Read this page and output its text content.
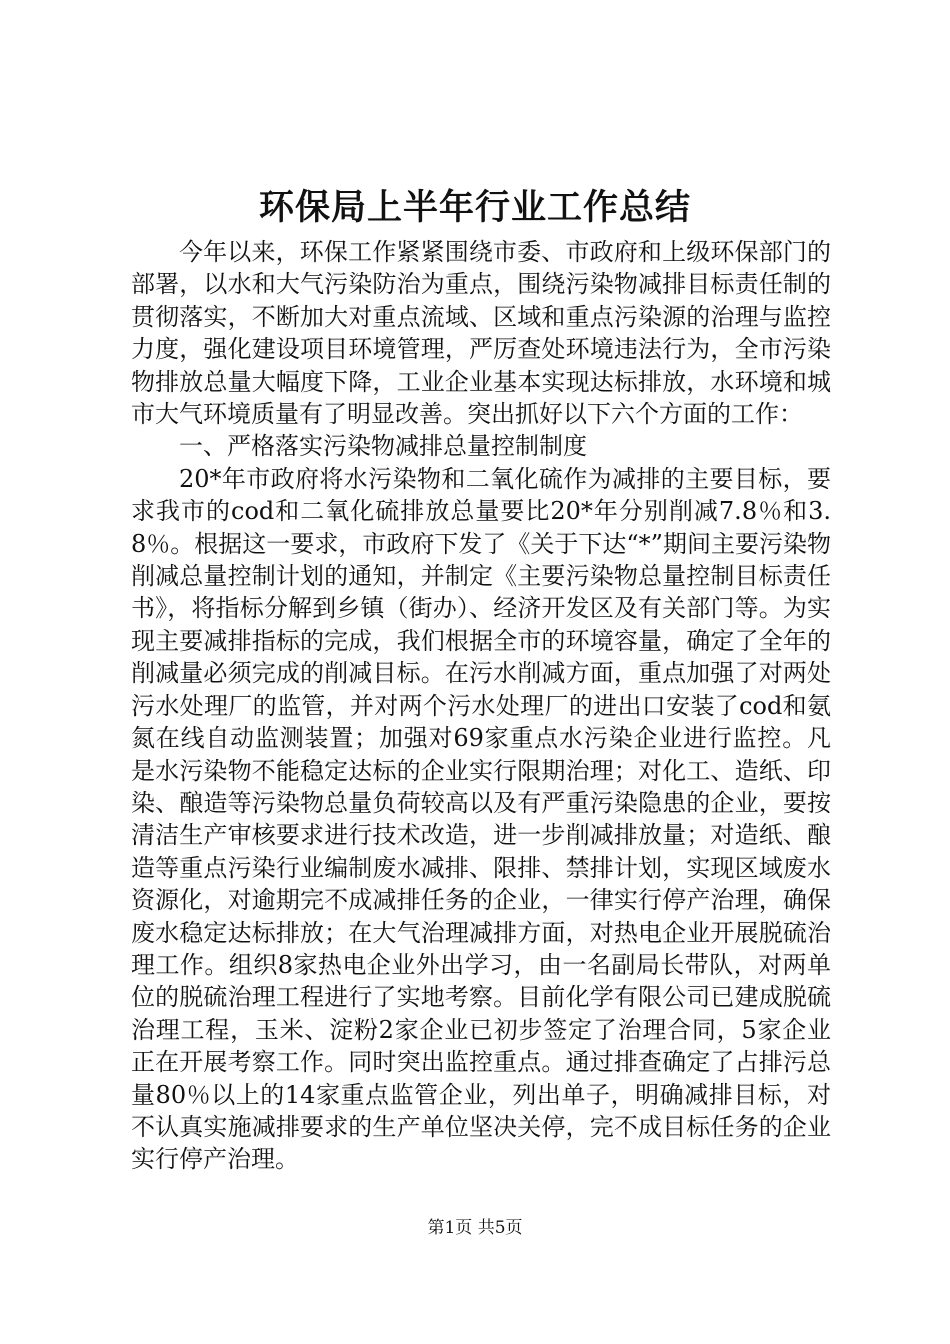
环保局上半年行业工作总结

今年以来，环保工作紧紧围绕市委、市政府和上级环保部门的部署，以水和大气污染防治为重点，围绕污染物减排目标责任制的贯彻落实，不断加大对重点流域、区域和重点污染源的治理与监控力度，强化建设项目环境管理，严厉查处环境违法行为，全市污染物排放总量大幅度下降，工业企业基本实现达标排放，水环境和城市大气环境质量有了明显改善。突出抓好以下六个方面的工作：

一、严格落实污染物减排总量控制制度

20*年市政府将水污染物和二氧化硫作为减排的主要目标，要求我市的cod和二氧化硫排放总量要比20*年分别削减7.8％和3.8％。根据这一要求，市政府下发了《关于下达“*”期间主要污染物削减总量控制计划的通知，并制定《主要污染物总量控制目标责任书》，将指标分解到乡镇（街办）、经济开发区及有关部门等。为实现主要减排指标的完成，我们根据全市的环境容量，确定了全年的削减量必须完成的削减目标。在污水削减方面，重点加强了对两处污水处理厂的监管，并对两个污水处理厂的进出口安装了cod和氨氮在线自动监测装置；加强对69家重点水污染企业进行监控。凡是水污染物不能稳定达标的企业实行限期治理；对化工、造纸、印染、酿造等污染物总量负荷较高以及有严重污染隐患的企业，要按清洁生产审核要求进行技术改造，进一步削减排放量；对造纸、酿造等重点污染行业编制废水减排、限排、禁排计划，实现区域废水资源化，对逾期完不成减排任务的企业，一律实行停产治理，确保废水稳定达标排放；在大气治理减排方面，对热电企业开展脱硫治理工作。组织8家热电企业外出学习，由一名副局长带队，对两单位的脱硫治理工程进行了实地考察。目前化学有限公司已建成脱硫治理工程，玉米、淀粉2家企业已初步签定了治理合同，5家企业正在开展考察工作。同时突出监控重点。通过排查确定了占排污总量80％以上的14家重点监管企业，列出单子，明确减排目标，对不认真实施减排要求的生产单位坚决关停，完不成目标任务的企业实行停产治理。

第1页 共5页
